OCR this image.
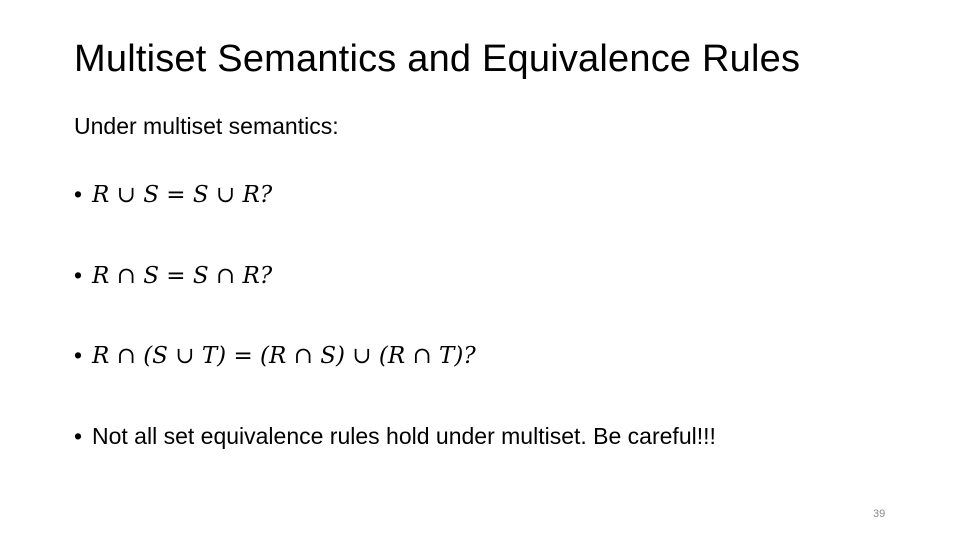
Multiset Semantics and Equivalence Rules
Under multiset semantics:
• R ∪ S = S ∪ R?
• R ∩ S = S ∩ R?
• R ∩ (S ∪ T) = (R ∩ S) ∪ (R ∩ T)?
• Not all set equivalence rules hold under multiset. Be careful!!!
39
